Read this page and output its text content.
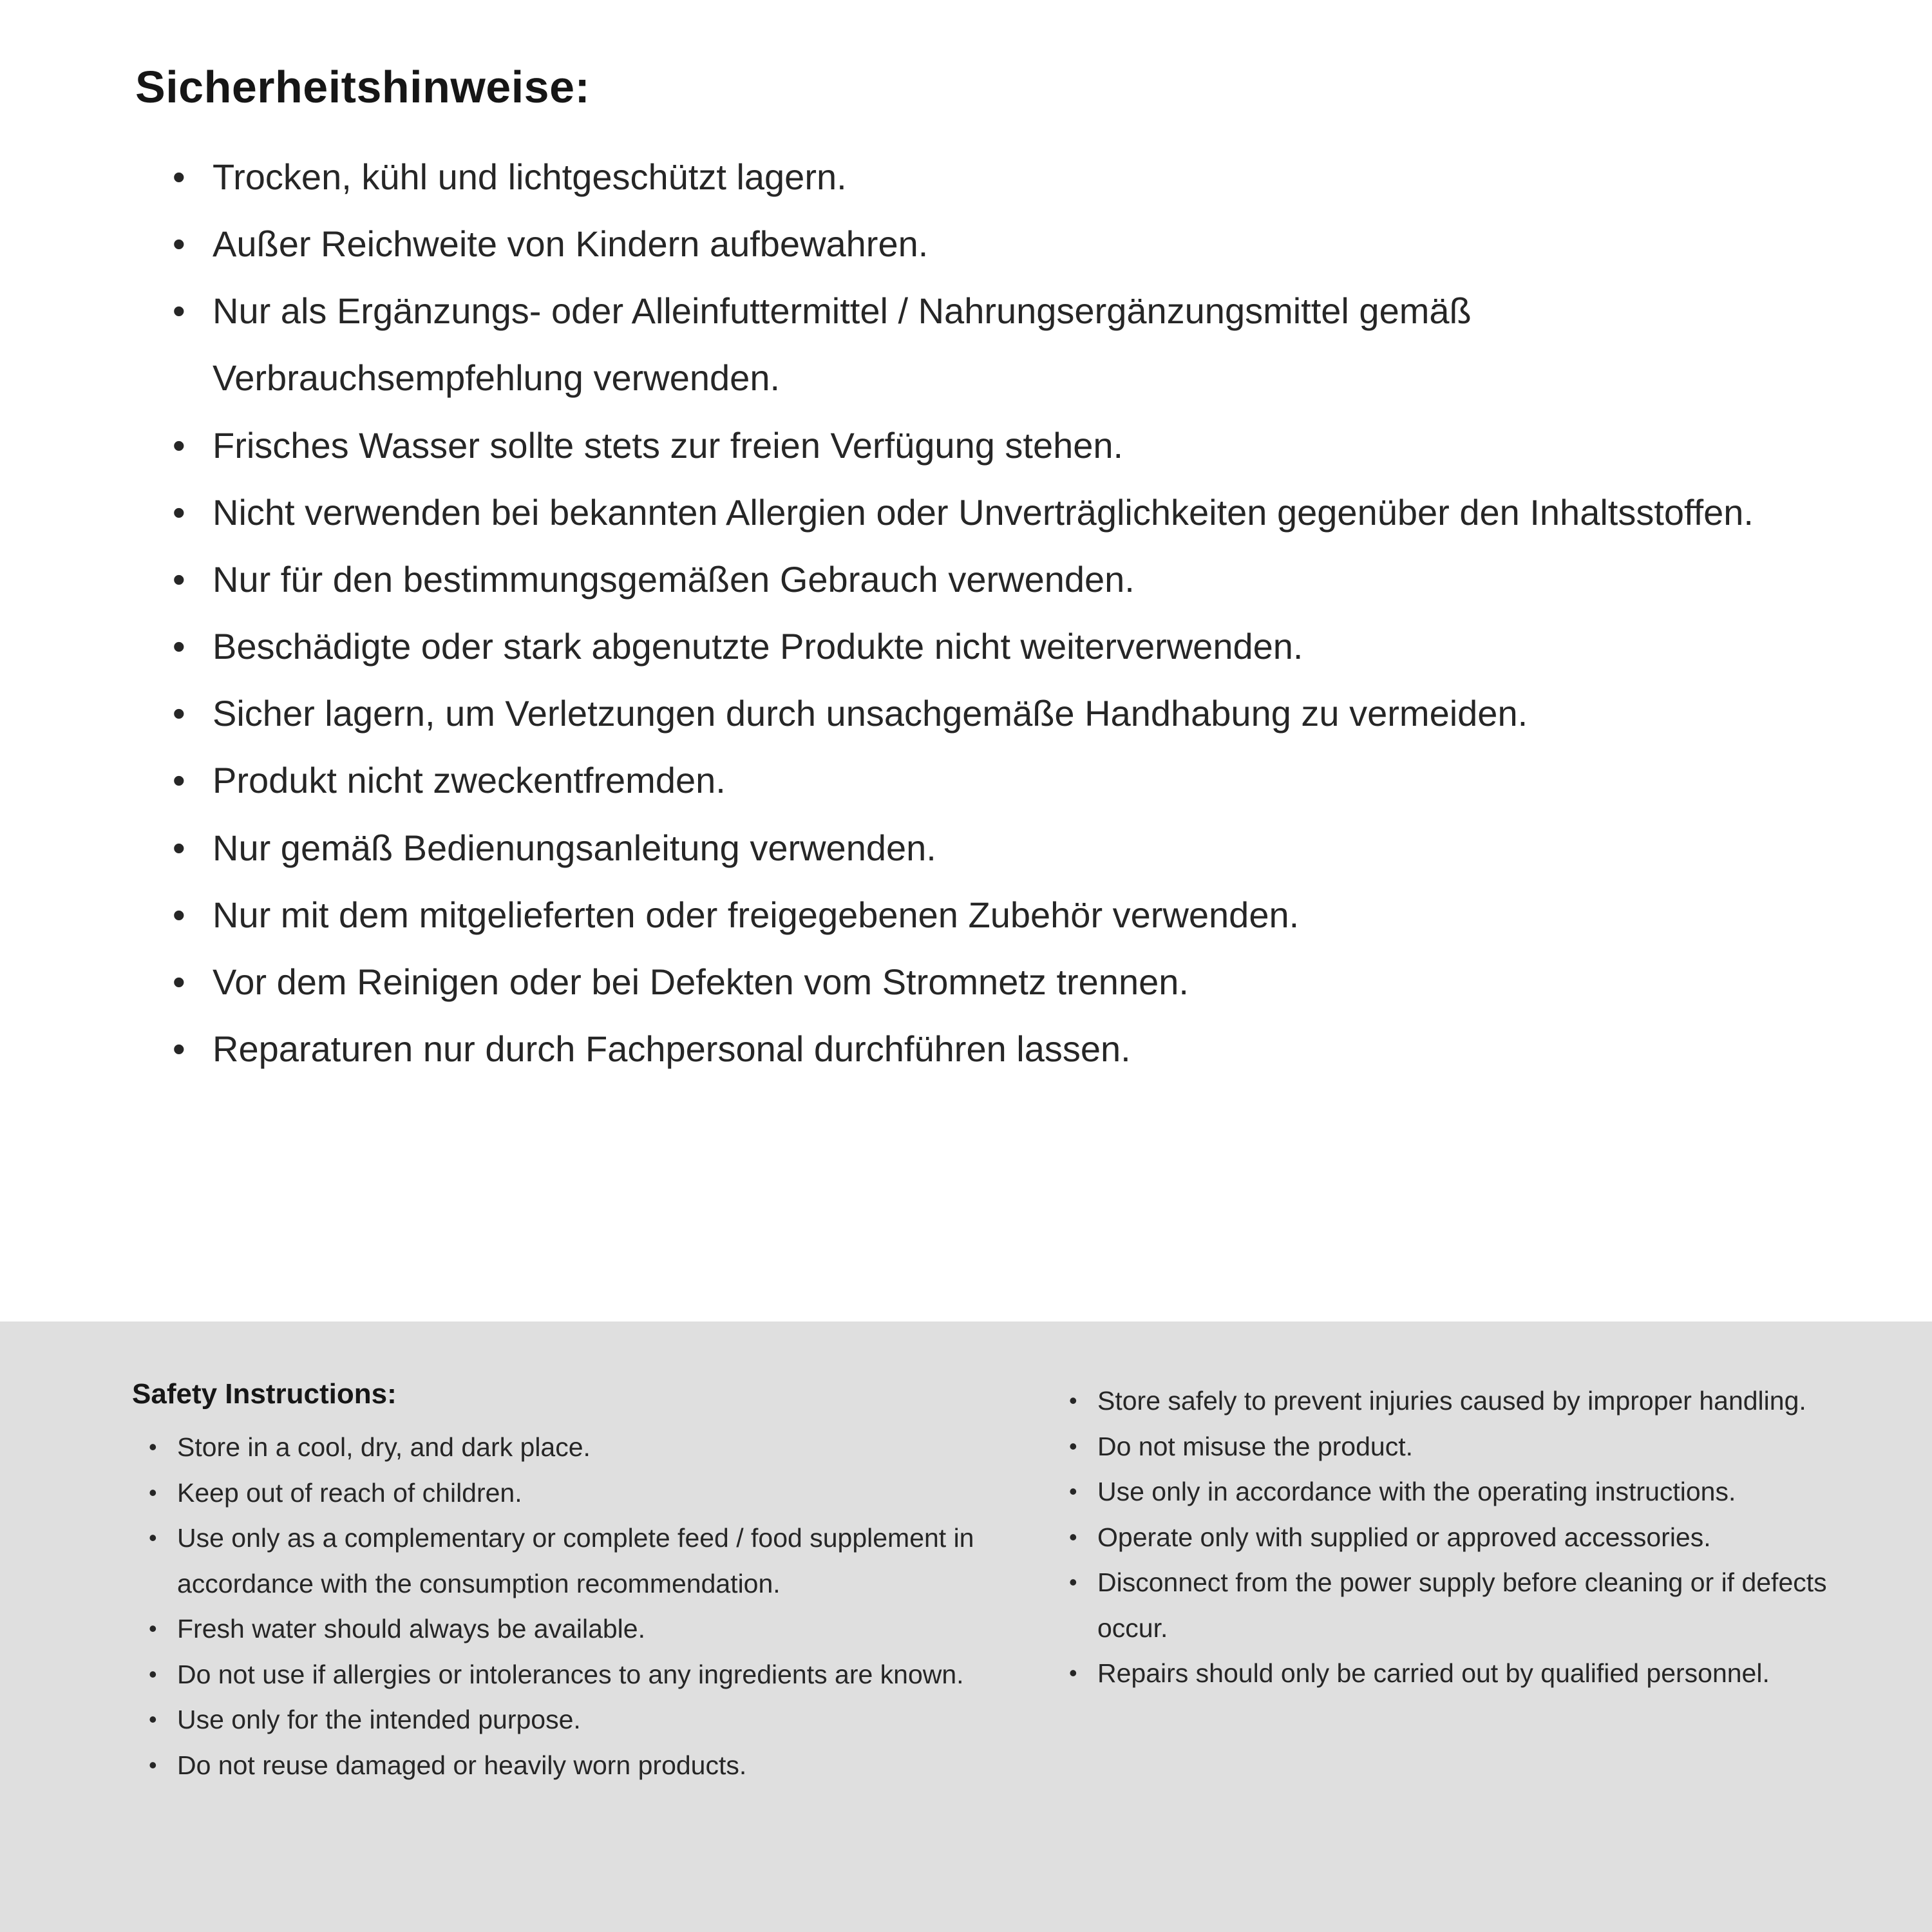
Sicherheitshinweise:
• Trocken, kühl und lichtgeschützt lagern.
• Außer Reichweite von Kindern aufbewahren.
• Nur als Ergänzungs- oder Alleinfuttermittel / Nahrungsergänzungsmittel gemäß Verbrauchsempfehlung verwenden.
• Frisches Wasser sollte stets zur freien Verfügung stehen.
• Nicht verwenden bei bekannten Allergien oder Unverträglichkeiten gegenüber den Inhaltsstoffen.
• Nur für den bestimmungsgemäßen Gebrauch verwenden.
• Beschädigte oder stark abgenutzte Produkte nicht weiterverwenden.
• Sicher lagern, um Verletzungen durch unsachgemäße Handhabung zu vermeiden.
• Produkt nicht zweckentfremden.
• Nur gemäß Bedienungsanleitung verwenden.
• Nur mit dem mitgelieferten oder freigegebenen Zubehör verwenden.
• Vor dem Reinigen oder bei Defekten vom Stromnetz trennen.
• Reparaturen nur durch Fachpersonal durchführen lassen.
Safety Instructions:
• Store in a cool, dry, and dark place.
• Keep out of reach of children.
• Use only as a complementary or complete feed / food supplement in accordance with the consumption recommendation.
• Fresh water should always be available.
• Do not use if allergies or intolerances to any ingredients are known.
• Use only for the intended purpose.
• Do not reuse damaged or heavily worn products.
• Store safely to prevent injuries caused by improper handling.
• Do not misuse the product.
• Use only in accordance with the operating instructions.
• Operate only with supplied or approved accessories.
• Disconnect from the power supply before cleaning or if defects occur.
• Repairs should only be carried out by qualified personnel.
